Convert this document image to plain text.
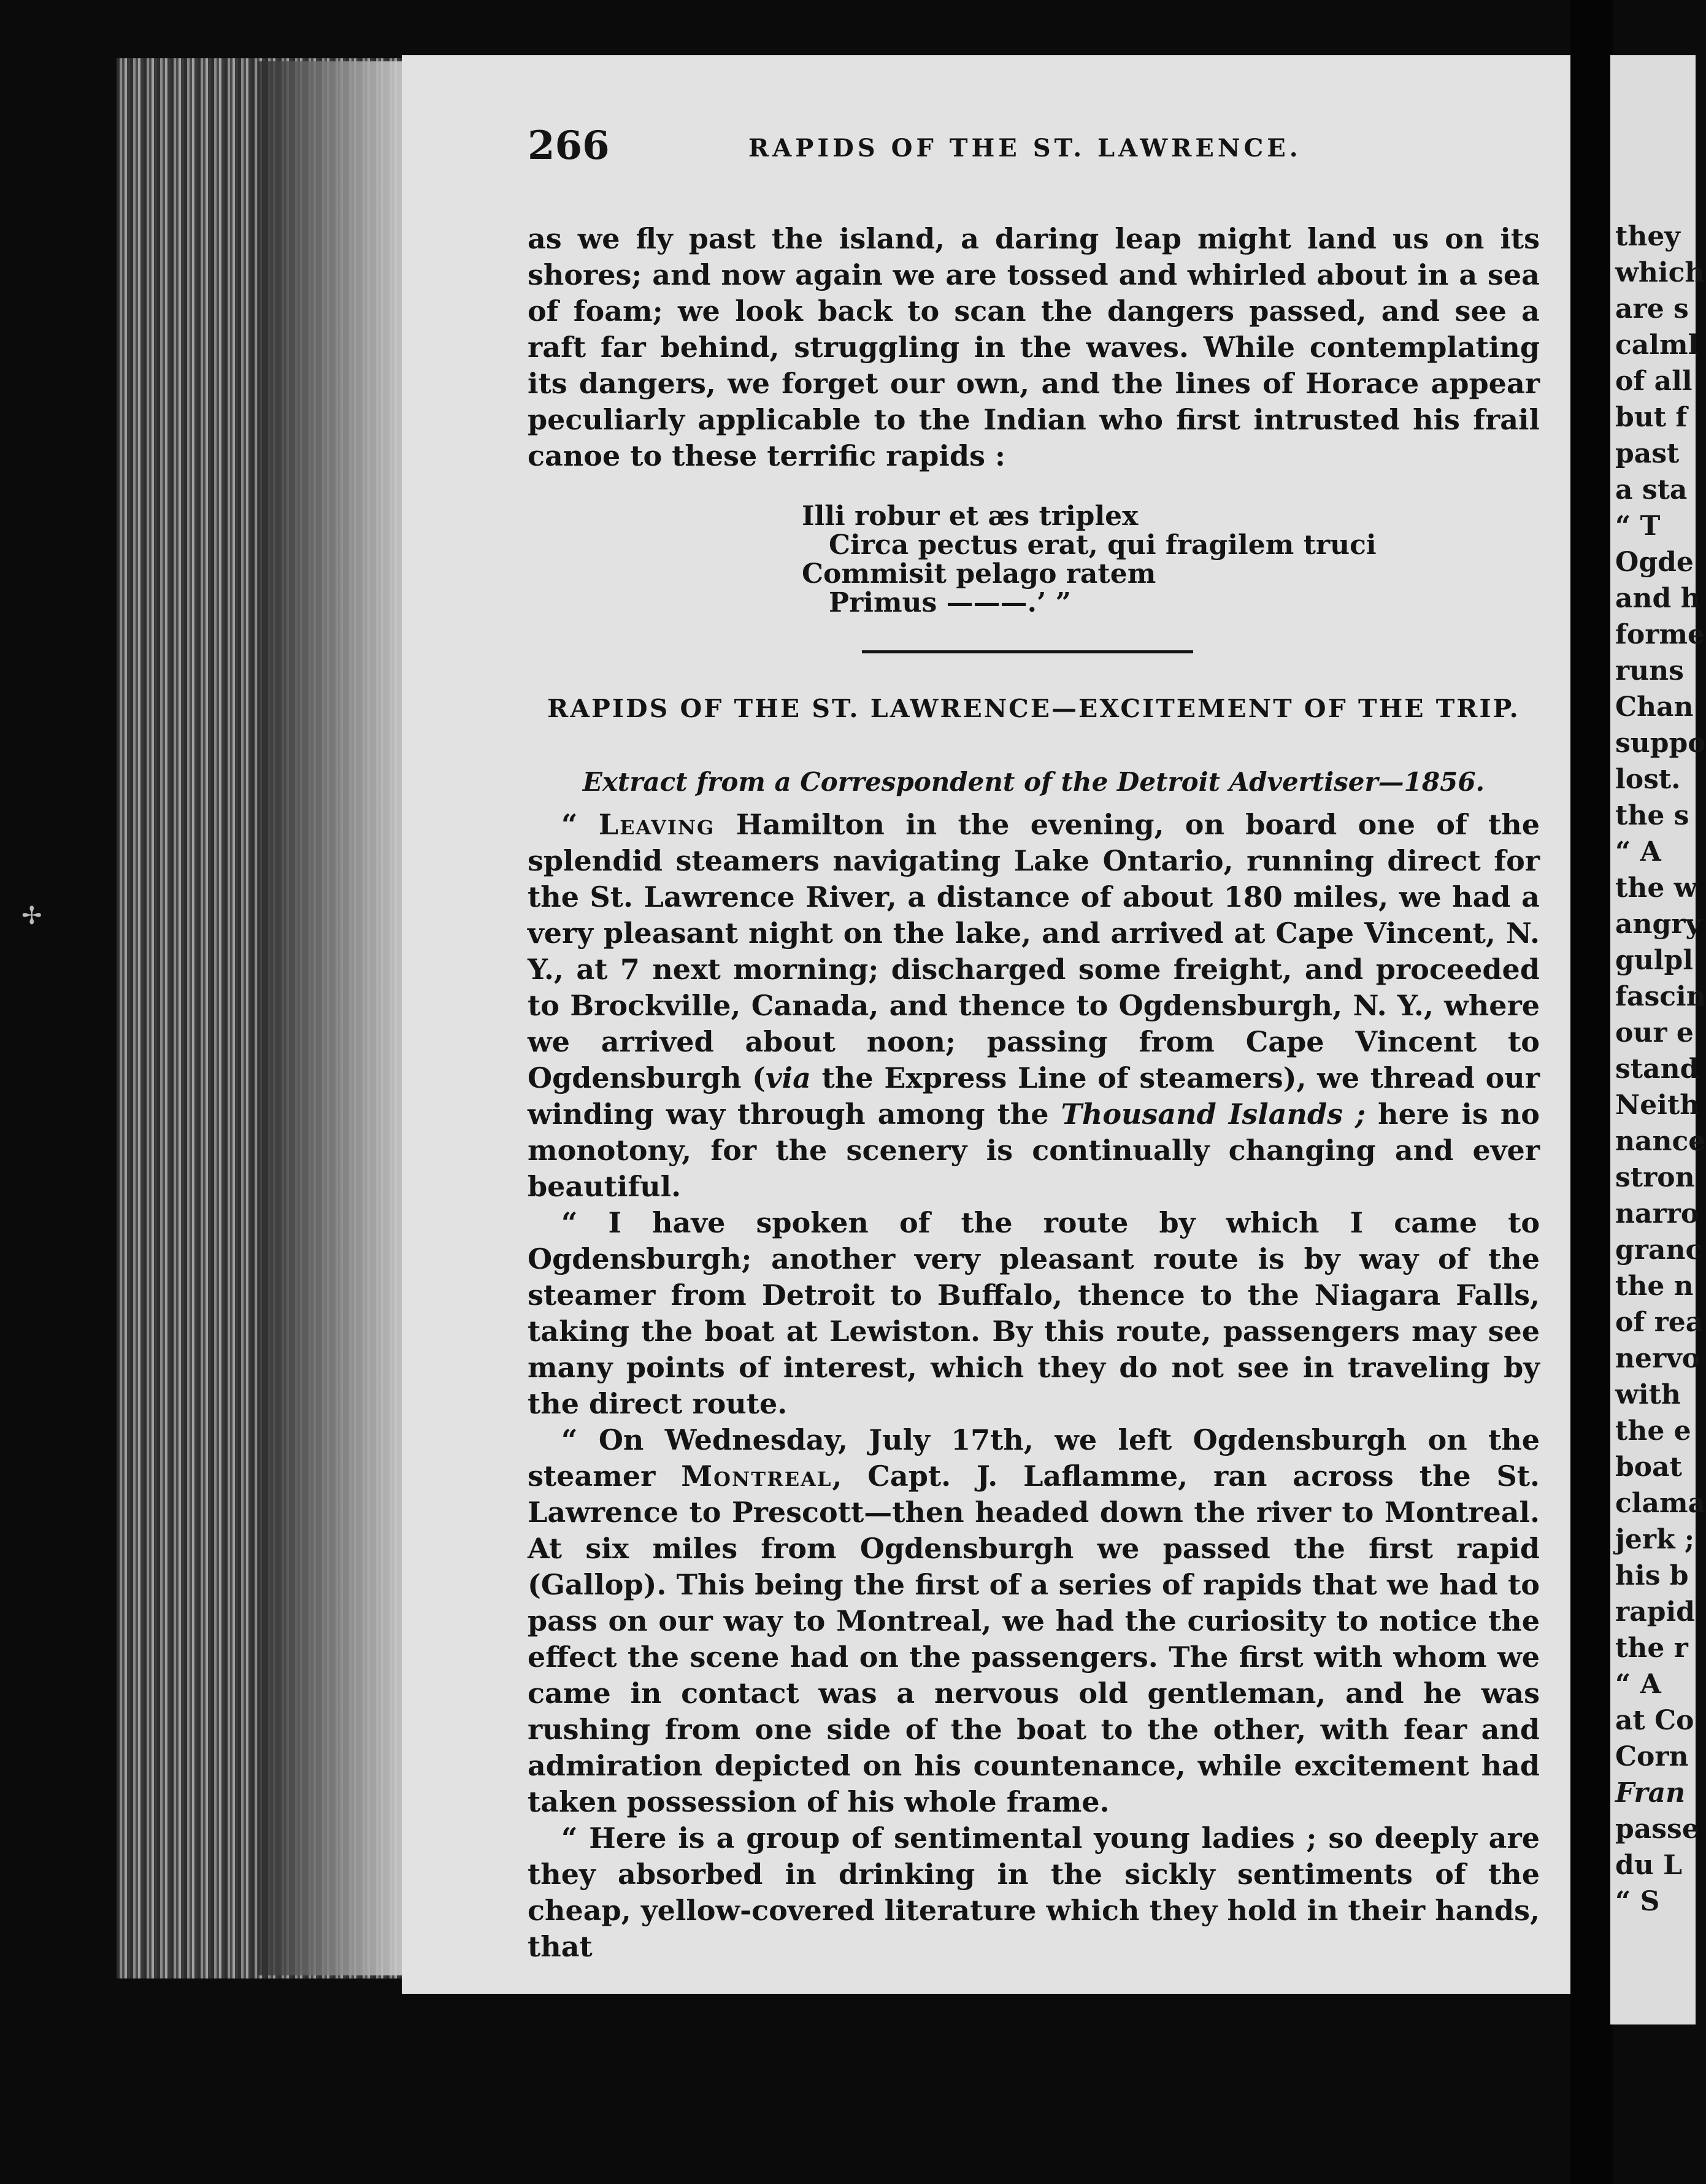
✢
266	RAPIDS OF THE ST. LAWRENCE.

as we fly past the island, a daring leap might land us on its shores; and now again we are tossed and whirled about in a sea of foam; we look back to scan the dangers passed, and see a raft far behind, struggling in the waves. While contemplating its dangers, we forget our own, and the lines of Horace appear peculiarly applicable to the Indian who first intrusted his frail canoe to these terrific rapids :

Illi robur et æs triplex
Circa pectus erat, qui fragilem truci
Commisit pelago ratem
Primus ———.’ ”
RAPIDS OF THE ST. LAWRENCE—EXCITEMENT OF THE TRIP.
Extract from a Correspondent of the Detroit Advertiser—1856.

“ Leaving Hamilton in the evening, on board one of the splendid steamers navigating Lake Ontario, running direct for the St. Lawrence River, a distance of about 180 miles, we had a very pleasant night on the lake, and arrived at Cape Vincent, N. Y., at 7 next morning; discharged some freight, and proceeded to Brockville, Canada, and thence to Ogdensburgh, N. Y., where we arrived about noon; passing from Cape Vincent to Ogdensburgh (via the Express Line of steamers), we thread our winding way through among the Thousand Islands ; here is no monotony, for the scenery is continually changing and ever beautiful.

“ I have spoken of the route by which I came to Ogdensburgh; another very pleasant route is by way of the steamer from Detroit to Buffalo, thence to the Niagara Falls, taking the boat at Lewiston. By this route, passengers may see many points of interest, which they do not see in traveling by the direct route.

“ On Wednesday, July 17th, we left Ogdensburgh on the steamer Montreal, Capt. J. Laflamme, ran across the St. Lawrence to Prescott—then headed down the river to Montreal. At six miles from Ogdensburgh we passed the first rapid (Gallop). This being the first of a series of rapids that we had to pass on our way to Montreal, we had the curiosity to notice the effect the scene had on the passengers. The first with whom we came in contact was a nervous old gentleman, and he was rushing from one side of the boat to the other, with fear and admiration depicted on his countenance, while excitement had taken possession of his whole frame.

“ Here is a group of sentimental young ladies ; so deeply are they absorbed in drinking in the sickly sentiments of the cheap, yellow-covered literature which they hold in their hands, that

they
which
are s
calml
of all
but f
past
a sta
“ T
Ogde
and h
forme
runs
Chan
suppo
lost.
the s
“ A
the w
angry
gulpl
fascin
our e
stand
Neith
nance
stron
narro
granc
the n
of rea
nervo
with
the e
boat
clama
jerk ;
his b
rapid
the r
“ A
at Co
Corn
Fran
passe
du L
“ S
